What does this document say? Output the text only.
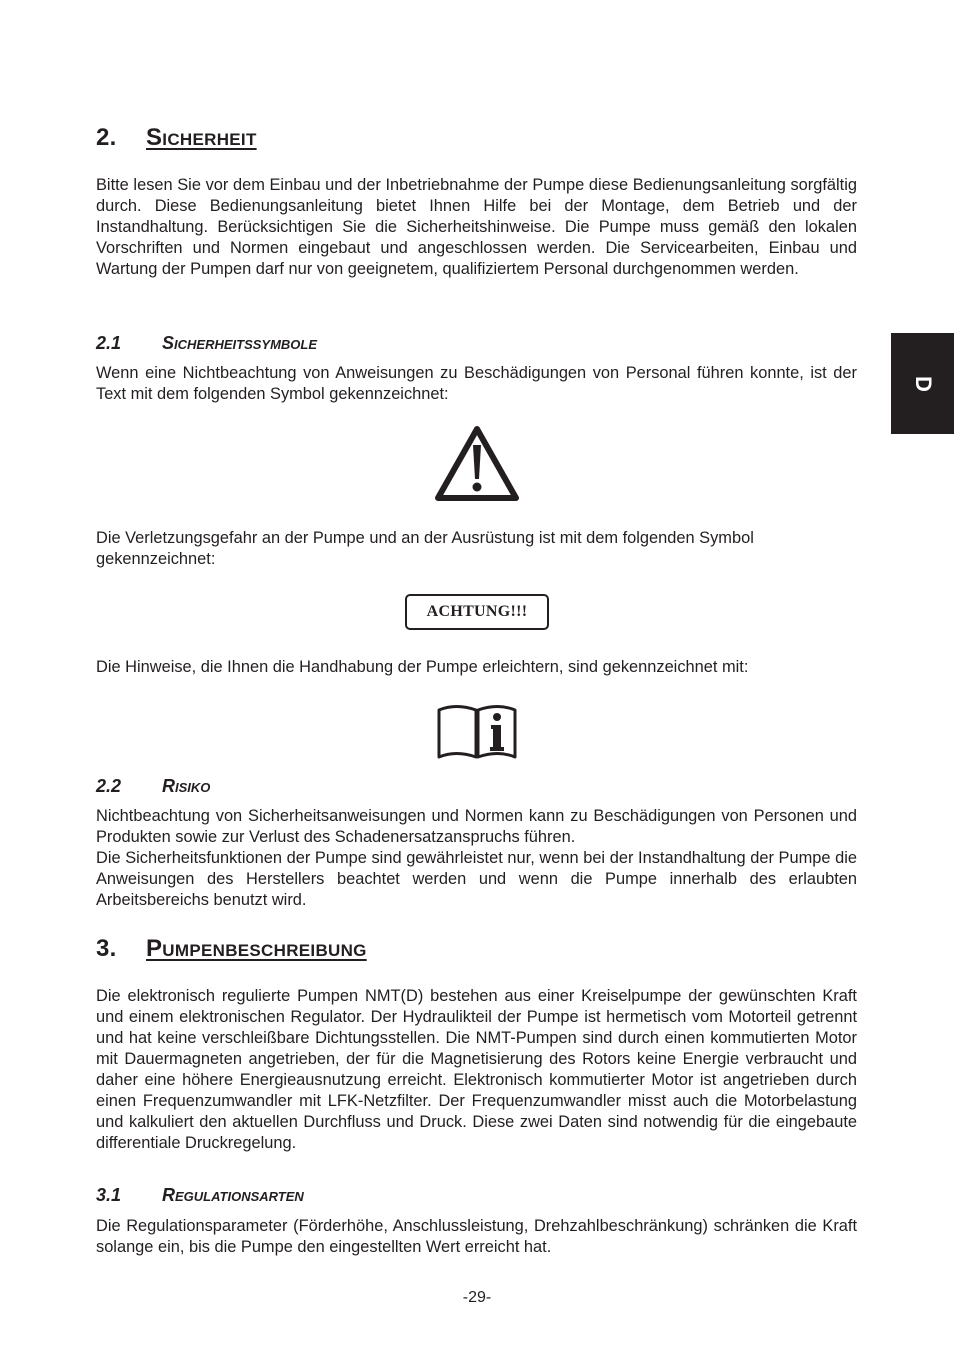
D
2. Sicherheit

Bitte lesen Sie vor dem Einbau und der Inbetriebnahme der Pumpe diese Bedienungsanleitung sorgfältig durch. Diese Bedienungsanleitung bietet Ihnen Hilfe bei der Montage, dem Betrieb und der Instandhaltung. Berücksichtigen Sie die Sicherheitshinweise. Die Pumpe muss gemäß den lokalen Vorschriften und Normen eingebaut und angeschlossen werden. Die Servicearbeiten, Einbau und Wartung der Pumpen darf nur von geeignetem, qualifiziertem Personal durchgenommen werden.

2.1 Sicherheitssymbole

Wenn eine Nichtbeachtung von Anweisungen zu Beschädigungen von Personal führen konnte, ist der Text mit dem folgenden Symbol gekennzeichnet:

Die Verletzungsgefahr an der Pumpe und an der Ausrüstung ist mit dem folgenden Symbol gekennzeichnet:

ACHTUNG!!!

Die Hinweise, die Ihnen die Handhabung der Pumpe erleichtern, sind gekennzeichnet mit:

2.2 Risiko

Nichtbeachtung von Sicherheitsanweisungen und Normen kann zu Beschädigungen von Personen und Produkten sowie zur Verlust des Schadenersatzanspruchs führen.

Die Sicherheitsfunktionen der Pumpe sind gewährleistet nur, wenn bei der Instandhaltung der Pumpe die Anweisungen des Herstellers beachtet werden und wenn die Pumpe innerhalb des erlaubten Arbeitsbereichs benutzt wird.

3. Pumpenbeschreibung

Die elektronisch regulierte Pumpen NMT(D) bestehen aus einer Kreiselpumpe der gewünschten Kraft und einem elektronischen Regulator. Der Hydraulikteil der Pumpe ist hermetisch vom Motorteil getrennt und hat keine verschleißbare Dichtungsstellen. Die NMT-Pumpen sind durch einen kommutierten Motor mit Dauermagneten angetrieben, der für die Magnetisierung des Rotors keine Energie verbraucht und daher eine höhere Energieausnutzung erreicht. Elektronisch kommutierter Motor ist angetrieben durch einen Frequenzumwandler mit LFK-Netzfilter. Der Frequenzumwandler misst auch die Motorbelastung und kalkuliert den aktuellen Durchfluss und Druck. Diese zwei Daten sind notwendig für die eingebaute differentiale Druckregelung.

3.1 Regulationsarten

Die Regulationsparameter (Förderhöhe, Anschlussleistung, Drehzahlbeschränkung) schränken die Kraft solange ein, bis die Pumpe den eingestellten Wert erreicht hat.

-29-
